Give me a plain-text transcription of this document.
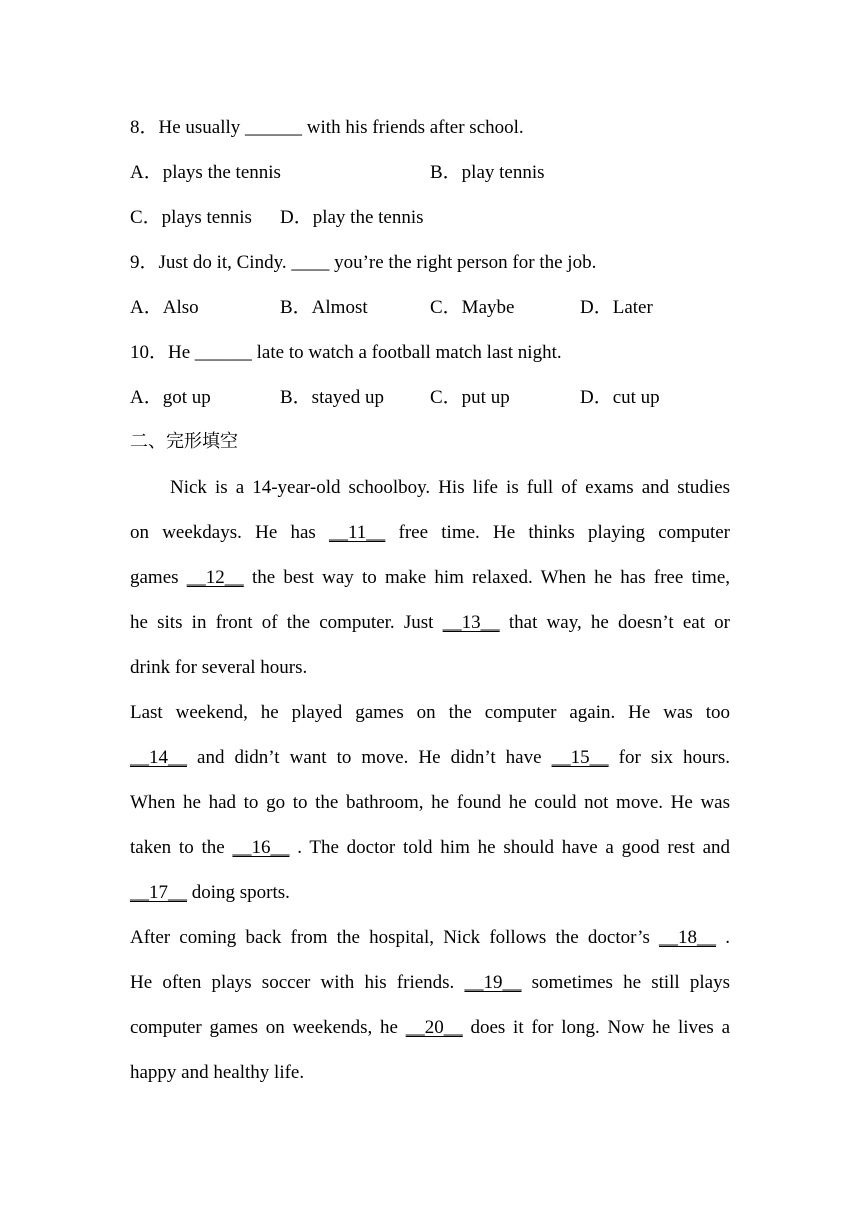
8．He usually ______ with his friends after school.
A．plays the tennis	B．play tennis
C．plays tennis D．play the tennis
9．Just do it, Cindy. ____ you’re the right person for the job.
A．Also	B．Almost	C．Maybe	D．Later
10．He ______ late to watch a football match last night.
A．got up	B．stayed up C．put up	D．cut up
二、完形填空
Nick is a 14-year-old schoolboy. His life is full of exams and studies
on weekdays. He has __11__ free time. He thinks playing computer
games __12__ the best way to make him relaxed. When he has free time,
he sits in front of the computer. Just __13__ that way, he doesn’t eat or
drink for several hours.
Last weekend, he played games on the computer again. He was too
__14__ and didn’t want to move. He didn’t have __15__ for six hours.
When he had to go to the bathroom, he found he could not move. He was
taken to the __16__ . The doctor told him he should have a good rest and
__17__ doing sports.
After coming back from the hospital, Nick follows the doctor’s __18__ .
He often plays soccer with his friends. __19__ sometimes he still plays
computer games on weekends, he __20__ does it for long. Now he lives a
happy and healthy life.
